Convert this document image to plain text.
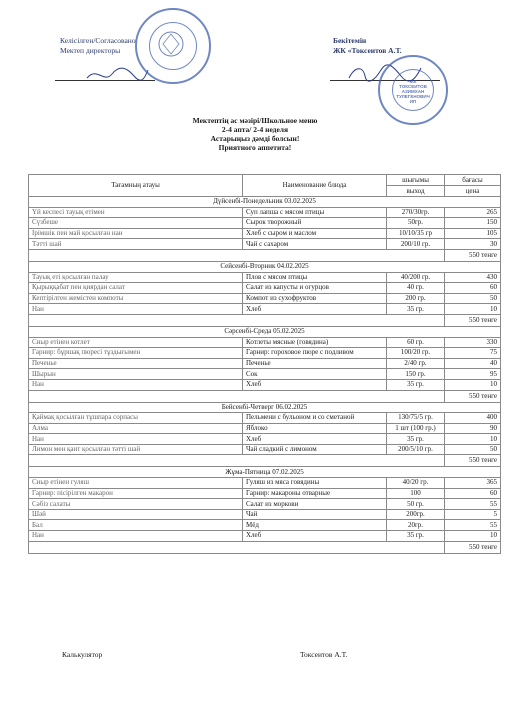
Келісілген/Согласовано
Мектеп директоры
Бекітемін
ЖК «Токсеитов А.Т.
ЖК
ТОКСЕИТОВ
АЗИМХАН
ТУЛЕГЕНОВИЧ
ИП
Мектептің ас мәзірі/Школьное меню
2-4 апта/ 2-4 неделя
Астарыңыз дәмді болсын!
Приятного аппетита!
Тағамның атауы	Наименование блюда	шығымы	бағасы
		выход	цена
Дүйсенбі-Понедельник 03.02.2025			
Үй кеспесі тауық етімен	Суп лапша с мясом птицы	270/30гр.	265
Сүзбеше	Сырок творожный	50гр.	150
Ірімшік пен май қосылған нан	Хлеб с сыром и маслом	10/10/35 гр	105
Тәтті шай	Чай с сахаром	200/10 гр.	30
			550 тенге
Сейсенбі-Вторник 04.02.2025			
Тауық еті қосылған палау	Плов с мясом птицы	40/200 гр.	430
Қырыққабат пен қиярдан салат	Салат из капусты и огурцов	40 гр.	60
Кептірілген жемістен компоты	Компот из сухофруктов	200 гр.	50
Нан	Хлеб	35 гр.	10
			550 тенге
Сәрсенбі-Среда 05.02.2025			
Сиыр етінен котлет	Котлеты мясные (говядина)	60 гр.	330
Гарнир: бұршақ пюресі тұздығымен	Гарнир: гороховое пюре с подливом	100/20 гр.	75
Печенье	Печенье	2/40 гр.	40
Шырын	Сок	150 гр.	95
Нан	Хлеб	35 гр.	10
			550 тенге
Бейсенбі-Четверг 06.02.2025			
Қаймақ қосылған тұшпара сорпасы	Пельмени с бульоном и со сметаной	130/75/5 гр.	400
Алма	Яблоко	1 шт (100 гр.)	90
Нан	Хлеб	35 гр.	10
Лимон мен қант қосылған тәтті шай	Чай сладкий с лимоном	200/5/10 гр.	50
			550 тенге
Жұма-Пятница 07.02.2025			
Сиыр етінен гуляш	Гуляш из мяса говядины	40/20 гр.	365
Гарнир: пісірілген макарон	Гарнир: макароны отварные	100	60
Сәбіз салаты	Салат из моркови	50 гр.	55
Шәй	Чай	200гр.	5
Бал	Мёд	20гр.	55
Нан	Хлеб	35 гр.	10
			550 тенге
Калькулятор	Токсеитов А.Т.
